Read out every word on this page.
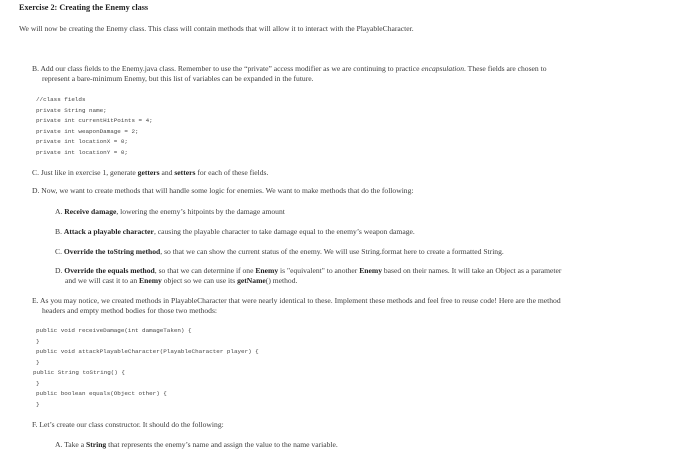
Exercise 2: Creating the Enemy class
We will now be creating the Enemy class. This class will contain methods that will allow it to interact with the PlayableCharacter.
B. Add our class fields to the Enemy.java class. Remember to use the “private” access modifier as we are continuing to practice encapsulation. These fields are chosen to
represent a bare-minimum Enemy, but this list of variables can be expanded in the future.
//class fields
private String name;
private int currentHitPoints = 4;
private int weaponDamage = 2;
private int locationX = 0;
private int locationY = 0;
C. Just like in exercise 1, generate getters and setters for each of these fields.
D. Now, we want to create methods that will handle some logic for enemies. We want to make methods that do the following:
A. Receive damage, lowering the enemy’s hitpoints by the damage amount
B. Attack a playable character, causing the playable character to take damage equal to the enemy’s weapon damage.
C. Override the toString method, so that we can show the current status of the enemy. We will use String.format here to create a formatted String.
D. Override the equals method, so that we can determine if one Enemy is "equivalent" to another Enemy based on their names. It will take an Object as a parameter
and we will cast it to an Enemy object so we can use its getName() method.
E. As you may notice, we created methods in PlayableCharacter that were nearly identical to these. Implement these methods and feel free to reuse code! Here are the method
headers and empty method bodies for those two methods:
public void receiveDamage(int damageTaken) {
}
public void attackPlayableCharacter(PlayableCharacter player) {
}
public String toString() {
}
public boolean equals(Object other) {
}
F. Let’s create our class constructor. It should do the following:
A. Take a String that represents the enemy’s name and assign the value to the name variable.
